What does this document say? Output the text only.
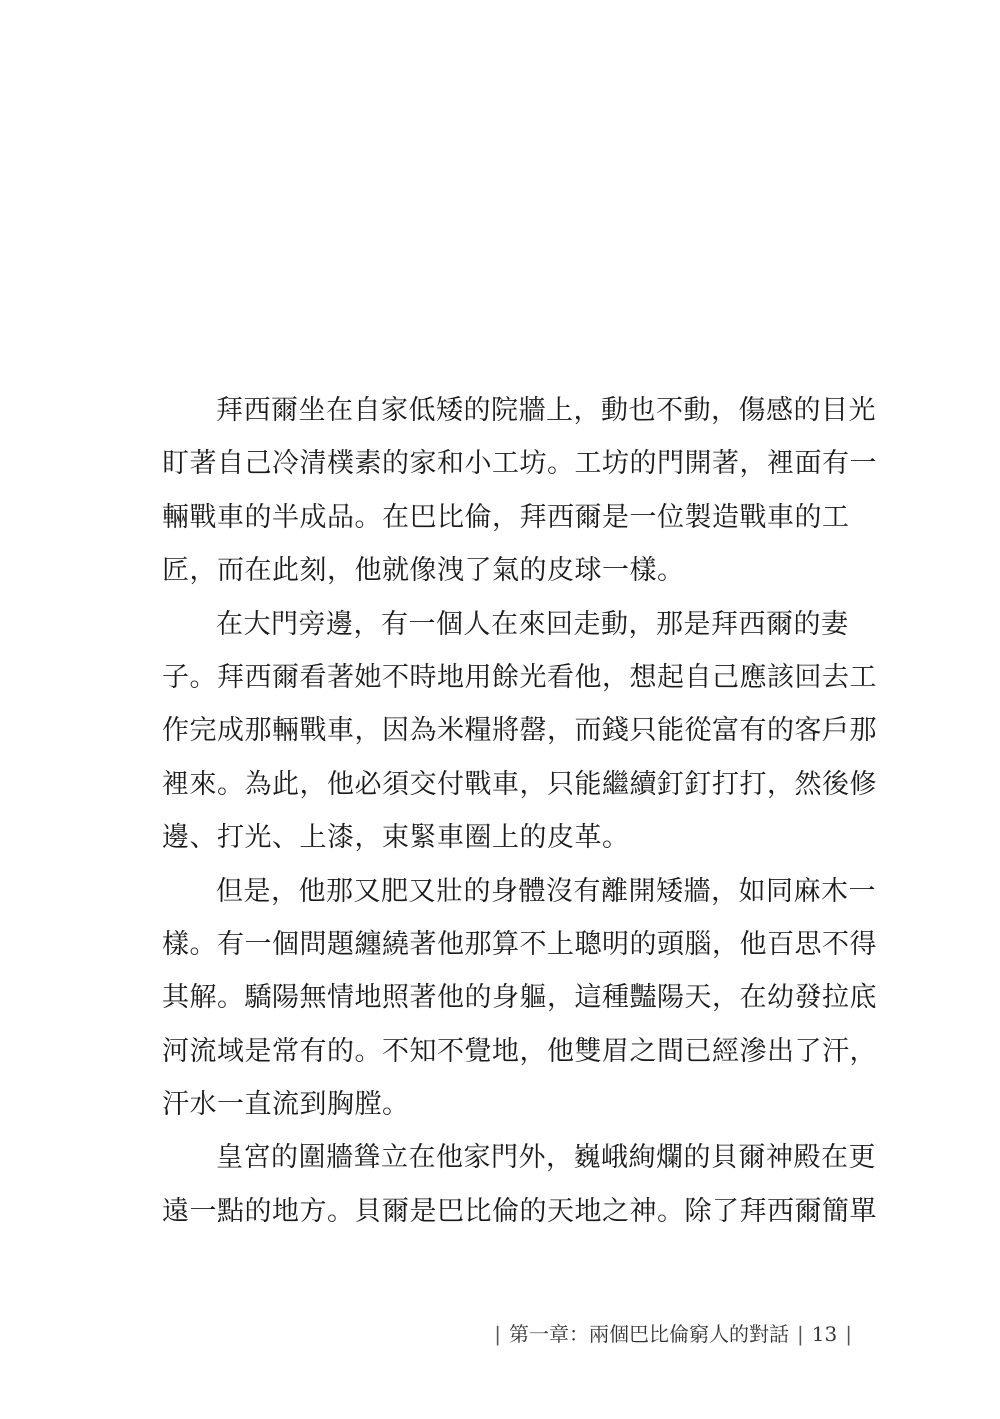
拜西爾坐在自家低矮的院牆上，動也不動，傷感的目光
盯著自己冷清樸素的家和小工坊。工坊的門開著，裡面有一
輛戰車的半成品。在巴比倫，拜西爾是一位製造戰車的工
匠，而在此刻，他就像洩了氣的皮球一樣。
在大門旁邊，有一個人在來回走動，那是拜西爾的妻
子。拜西爾看著她不時地用餘光看他，想起自己應該回去工
作完成那輛戰車，因為米糧將罄，而錢只能從富有的客戶那
裡來。為此，他必須交付戰車，只能繼續釘釘打打，然後修
邊、打光、上漆，束緊車圈上的皮革。
但是，他那又肥又壯的身體沒有離開矮牆，如同麻木一
樣。有一個問題纏繞著他那算不上聰明的頭腦，他百思不得
其解。驕陽無情地照著他的身軀，這種豔陽天，在幼發拉底
河流域是常有的。不知不覺地，他雙眉之間已經滲出了汗，
汗水一直流到胸膛。
皇宮的圍牆聳立在他家門外，巍峨絢爛的貝爾神殿在更
遠一點的地方。貝爾是巴比倫的天地之神。除了拜西爾簡單
| 第一章：兩個巴比倫窮人的對話 | 13 |
